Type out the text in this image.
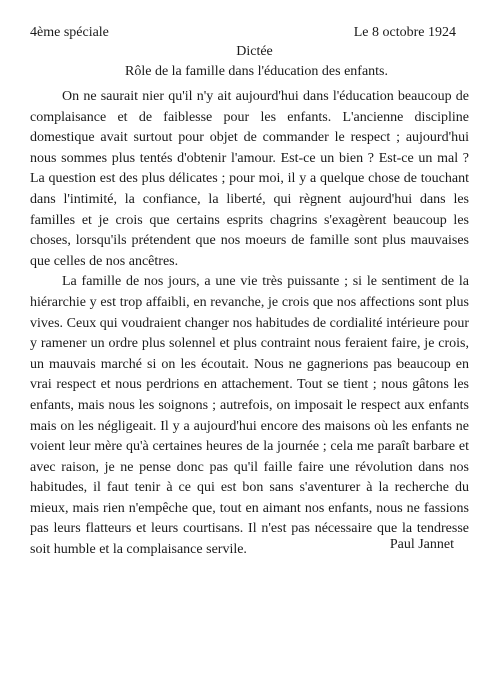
4ème spéciale	Le 8 octobre 1924
Dictée
Rôle de la famille dans l'éducation des enfants.

On ne saurait nier qu'il n'y ait aujourd'hui dans l'éducation beaucoup de complaisance et de faiblesse pour les enfants. L'ancienne discipline domestique avait surtout pour objet de commander le respect ; aujourd'hui nous sommes plus tentés d'obtenir l'amour. Est-ce un bien ? Est-ce un mal ? La question est des plus délicates ; pour moi, il y a quelque chose de touchant dans l'intimité, la confiance, la liberté, qui règnent aujourd'hui dans les familles et je crois que certains esprits chagrins s'exagèrent beaucoup les choses, lorsqu'ils prétendent que nos moeurs de famille sont plus mauvaises que celles de nos ancêtres.

La famille de nos jours, a une vie très puissante ; si le sentiment de la hiérarchie y est trop affaibli, en revanche, je crois que nos affections sont plus vives. Ceux qui voudraient changer nos habitudes de cordialité intérieure pour y ramener un ordre plus solennel et plus contraint nous feraient faire, je crois, un mauvais marché si on les écoutait. Nous ne gagnerions pas beaucoup en vrai respect et nous perdrions en attachement. Tout se tient ; nous gâtons les enfants, mais nous les soignons ; autrefois, on imposait le respect aux enfants mais on les négligeait. Il y a aujourd'hui encore des maisons où les enfants ne voient leur mère qu'à certaines heures de la journée ; cela me paraît barbare et avec raison, je ne pense donc pas qu'il faille faire une révolution dans nos habitudes, il faut tenir à ce qui est bon sans s'aventurer à la recherche du mieux, mais rien n'empêche que, tout en aimant nos enfants, nous ne fassions pas leurs flatteurs et leurs courtisans. Il n'est pas nécessaire que la tendresse soit humble et la complaisance servile.	Paul Jannet
